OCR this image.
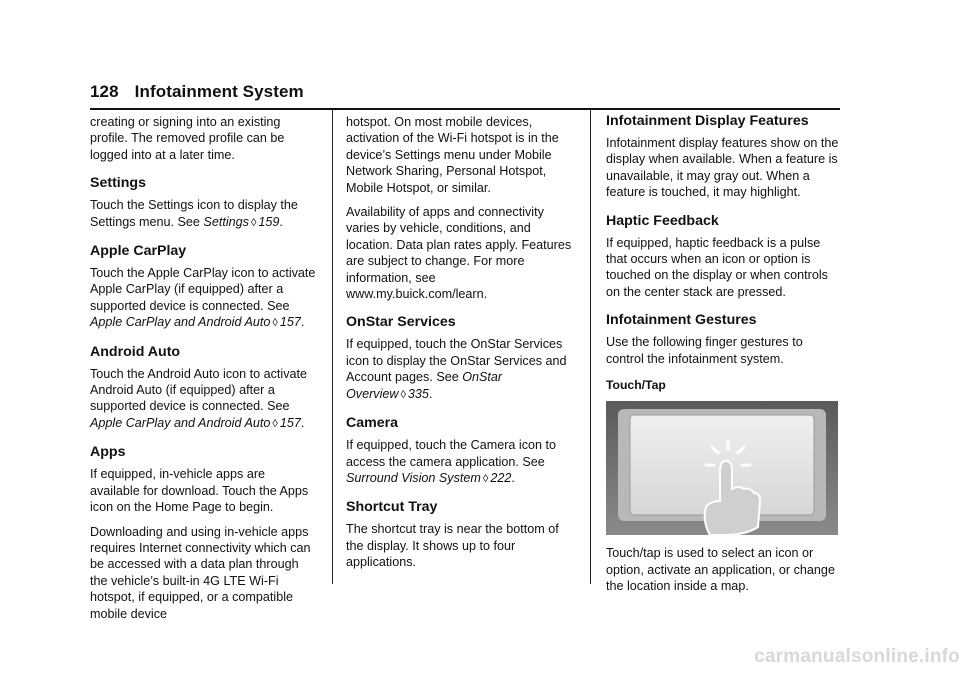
128 Infotainment System

creating or signing into an existing profile. The removed profile can be logged into at a later time.

Settings

Touch the Settings icon to display the Settings menu. See Settings ◊ 159.

Apple CarPlay

Touch the Apple CarPlay icon to activate Apple CarPlay (if equipped) after a supported device is connected. See Apple CarPlay and Android Auto ◊ 157.

Android Auto

Touch the Android Auto icon to activate Android Auto (if equipped) after a supported device is connected. See Apple CarPlay and Android Auto ◊ 157.

Apps

If equipped, in-vehicle apps are available for download. Touch the Apps icon on the Home Page to begin.

Downloading and using in-vehicle apps requires Internet connectivity which can be accessed with a data plan through the vehicle’s built-in 4G LTE Wi-Fi hotspot, if equipped, or a compatible mobile device

hotspot. On most mobile devices, activation of the Wi-Fi hotspot is in the device’s Settings menu under Mobile Network Sharing, Personal Hotspot, Mobile Hotspot, or similar.

Availability of apps and connectivity varies by vehicle, conditions, and location. Data plan rates apply. Features are subject to change. For more information, see www.my.buick.com/learn.

OnStar Services

If equipped, touch the OnStar Services icon to display the OnStar Services and Account pages. See OnStar Overview ◊ 335.

Camera

If equipped, touch the Camera icon to access the camera application. See Surround Vision System ◊ 222.

Shortcut Tray

The shortcut tray is near the bottom of the display. It shows up to four applications.

Infotainment Display Features

Infotainment display features show on the display when available. When a feature is unavailable, it may gray out. When a feature is touched, it may highlight.

Haptic Feedback

If equipped, haptic feedback is a pulse that occurs when an icon or option is touched on the display or when controls on the center stack are pressed.

Infotainment Gestures

Use the following finger gestures to control the infotainment system.

Touch/Tap

Touch/tap is used to select an icon or option, activate an application, or change the location inside a map.

carmanualsonline.info
